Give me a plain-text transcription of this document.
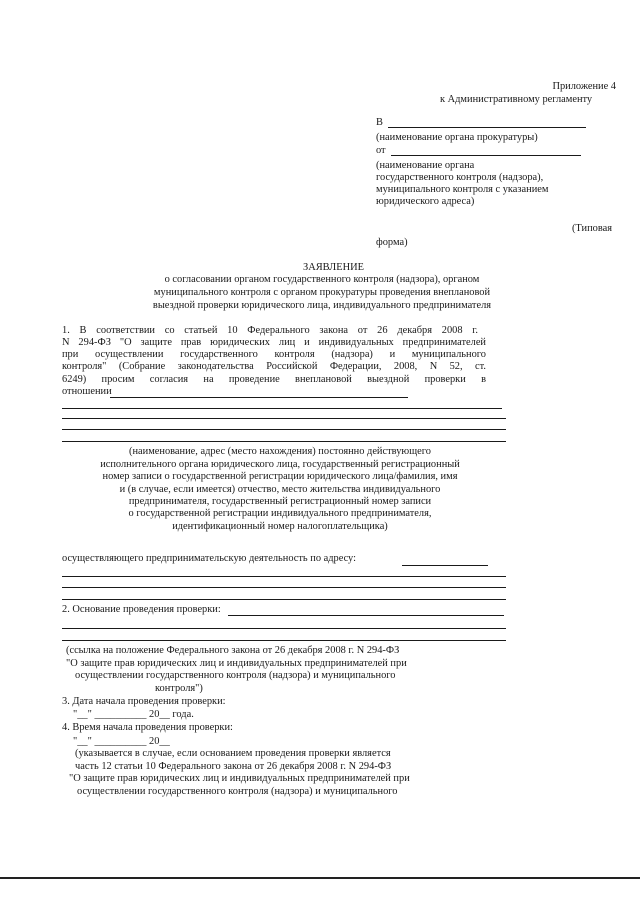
Приложение 4
к Административному регламенту
В
(наименование органа прокуратуры)
от
(наименование органа
государственного контроля (надзора),
муниципального контроля с указанием
юридического адреса)
(Типовая
форма)
ЗАЯВЛЕНИЕ
о согласовании органом государственного контроля (надзора), органом
муниципального контроля с органом прокуратуры проведения внеплановой
выездной проверки юридического лица, индивидуального предпринимателя
1. В соответствии со статьей 10 Федерального закона от 26 декабря 2008 г.
N 294-ФЗ "О защите прав юридических лиц и индивидуальных предпринимателей
при осуществлении государственного контроля (надзора) и муниципального
контроля" (Собрание законодательства Российской Федерации, 2008, N 52, ст.
6249) просим согласия на проведение внеплановой выездной проверки в
отношении
(наименование, адрес (место нахождения) постоянно действующего
исполнительного органа юридического лица, государственный регистрационный
номер записи о государственной регистрации юридического лица/фамилия, имя
и (в случае, если имеется) отчество, место жительства индивидуального
предпринимателя, государственный регистрационный номер записи
о государственной регистрации индивидуального предпринимателя,
идентификационный номер налогоплательщика)
осуществляющего предпринимательскую деятельность по адресу:
2. Основание проведения проверки:
(ссылка на положение Федерального закона от 26 декабря 2008 г. N 294-ФЗ
"О защите прав юридических лиц и индивидуальных предпринимателей при
осуществлении государственного контроля (надзора) и муниципального
контроля")
3. Дата начала проведения проверки:
"__" __________ 20__ года.
4. Время начала проведения проверки:
"__" __________ 20__
(указывается в случае, если основанием проведения проверки является
часть 12 статьи 10 Федерального закона от 26 декабря 2008 г. N 294-ФЗ
"О защите прав юридических лиц и индивидуальных предпринимателей при
осуществлении государственного контроля (надзора) и муниципального
